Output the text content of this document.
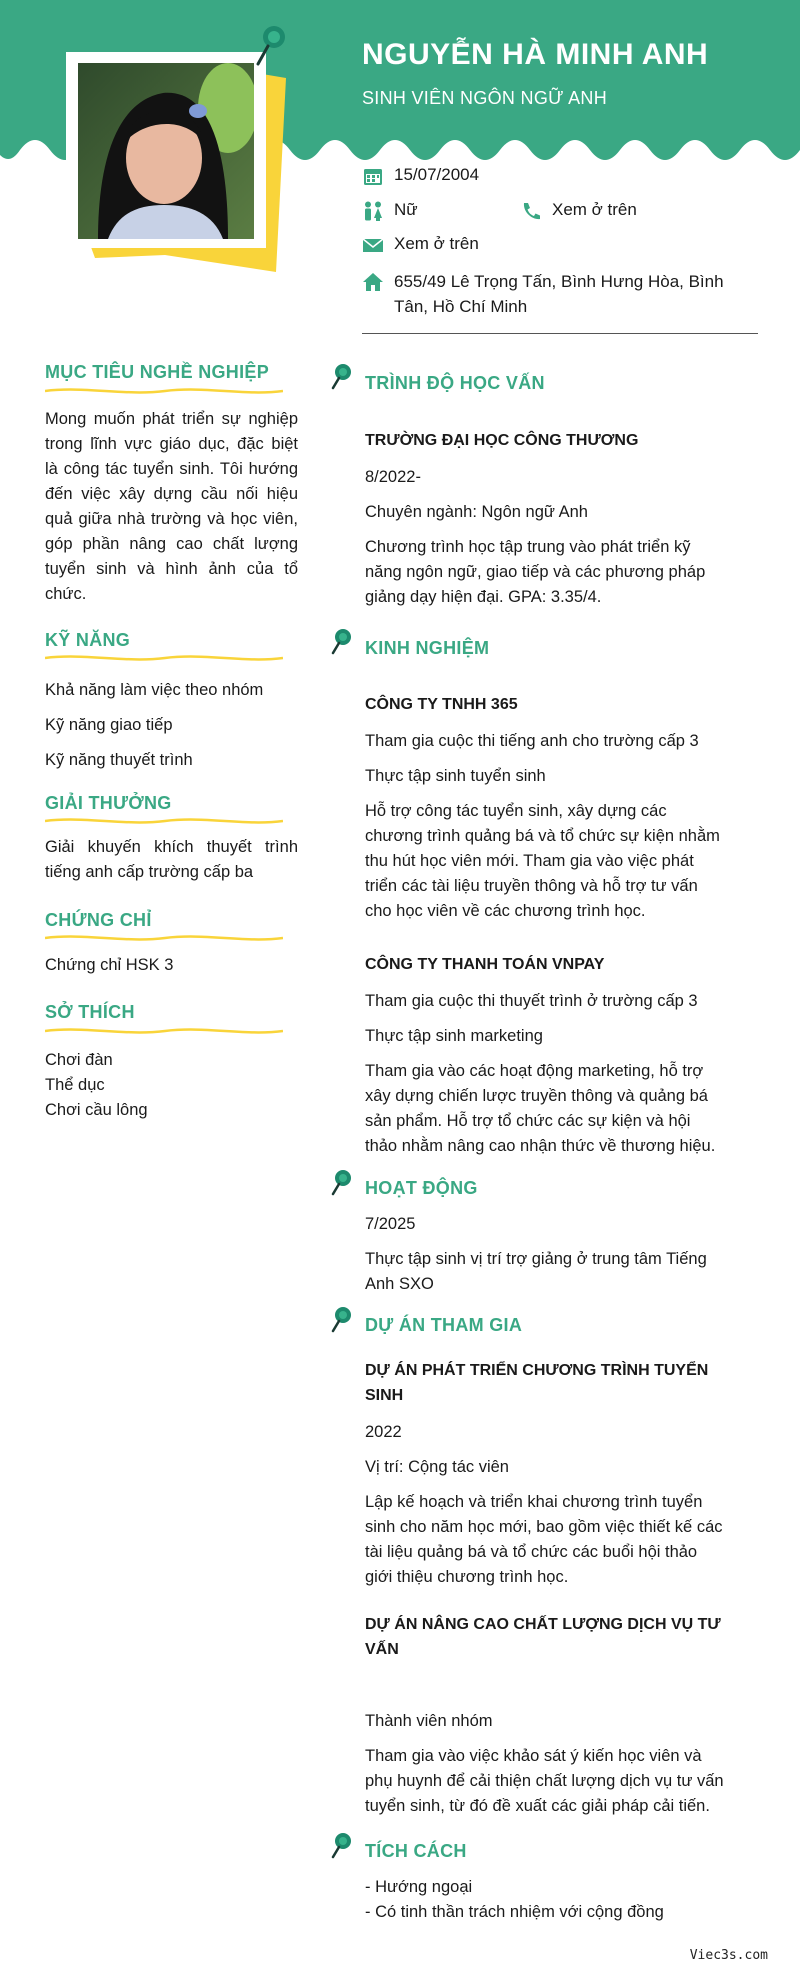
NGUYỄN HÀ MINH ANH
SINH VIÊN NGÔN NGỮ ANH
15/07/2004
Nữ	Xem ở trên
Xem ở trên
655/49 Lê Trọng Tấn, Bình Hưng Hòa, Bình
Tân, Hồ Chí Minh
MỤC TIÊU NGHỀ NGHIỆP
Mong muốn phát triển sự nghiệp
trong lĩnh vực giáo dục, đặc biệt
là công tác tuyển sinh. Tôi hướng
đến việc xây dựng cầu nối hiệu
quả giữa nhà trường và học viên,
góp phần nâng cao chất lượng
tuyển sinh và hình ảnh của tổ
chức.
KỸ NĂNG
Khả năng làm việc theo nhóm
Kỹ năng giao tiếp
Kỹ năng thuyết trình
GIẢI THƯỞNG
Giải khuyến khích thuyết trình
tiếng anh cấp trường cấp ba
CHỨNG CHỈ
Chứng chỉ HSK 3
SỞ THÍCH
Chơi đàn
Thể dục
Chơi cầu lông
TRÌNH ĐỘ HỌC VẤN
TRƯỜNG ĐẠI HỌC CÔNG THƯƠNG
8/2022-
Chuyên ngành: Ngôn ngữ Anh
Chương trình học tập trung vào phát triển kỹ
năng ngôn ngữ, giao tiếp và các phương pháp
giảng dạy hiện đại. GPA: 3.35/4.
KINH NGHIỆM
CÔNG TY TNHH 365
Tham gia cuộc thi tiếng anh cho trường cấp 3
Thực tập sinh tuyển sinh
Hỗ trợ công tác tuyển sinh, xây dựng các
chương trình quảng bá và tổ chức sự kiện nhằm
thu hút học viên mới. Tham gia vào việc phát
triển các tài liệu truyền thông và hỗ trợ tư vấn
cho học viên về các chương trình học.
CÔNG TY THANH TOÁN VNPAY
Tham gia cuộc thi thuyết trình ở trường cấp 3
Thực tập sinh marketing
Tham gia vào các hoạt động marketing, hỗ trợ
xây dựng chiến lược truyền thông và quảng bá
sản phẩm. Hỗ trợ tổ chức các sự kiện và hội
thảo nhằm nâng cao nhận thức về thương hiệu.
HOẠT ĐỘNG
7/2025
Thực tập sinh vị trí trợ giảng ở trung tâm Tiếng
Anh SXO
DỰ ÁN THAM GIA
DỰ ÁN PHÁT TRIỂN CHƯƠNG TRÌNH TUYỂN
SINH
2022
Vị trí: Cộng tác viên
Lập kế hoạch và triển khai chương trình tuyển
sinh cho năm học mới, bao gồm việc thiết kế các
tài liệu quảng bá và tổ chức các buổi hội thảo
giới thiệu chương trình học.
DỰ ÁN NÂNG CAO CHẤT LƯỢNG DỊCH VỤ TƯ
VẤN
Thành viên nhóm
Tham gia vào việc khảo sát ý kiến học viên và
phụ huynh để cải thiện chất lượng dịch vụ tư vấn
tuyển sinh, từ đó đề xuất các giải pháp cải tiến.
TÍCH CÁCH
- Hướng ngoại
- Có tinh thần trách nhiệm với cộng đồng
Viec3s.com
